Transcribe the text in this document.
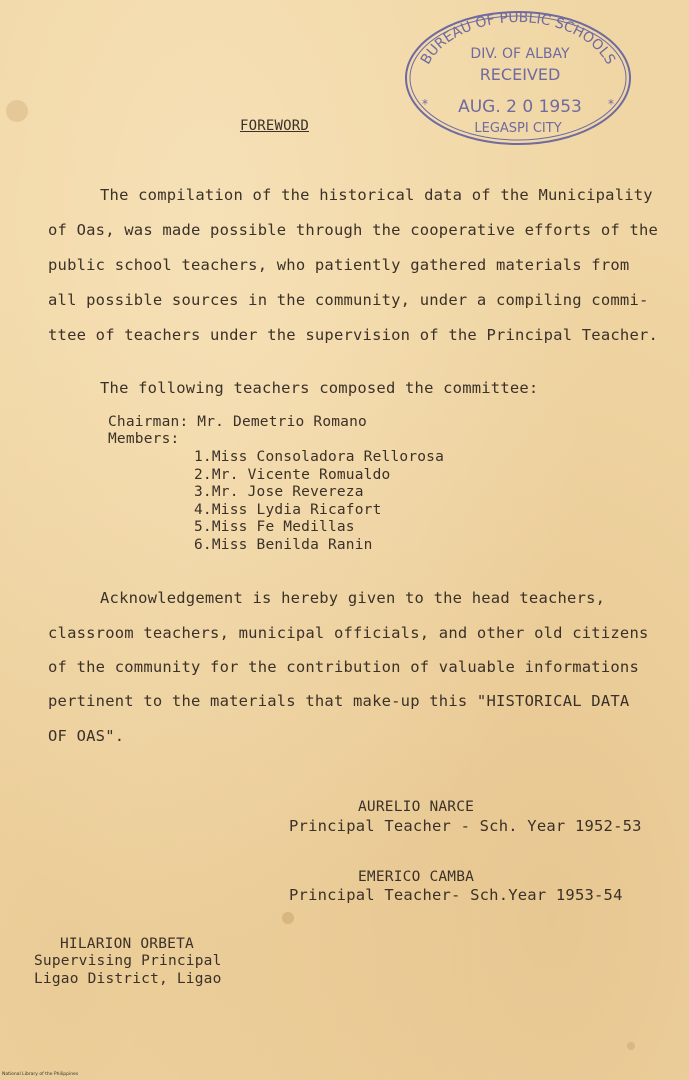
BUREAU OF PUBLIC SCHOOLS
DIV. OF ALBAY
RECEIVED
* AUG. 2 0 1953 *
LEGASPI CITY
FOREWORD
The compilation of the historical data of the Municipality
of Oas, was made possible through the cooperative efforts of the
public school teachers, who patiently gathered materials from
all possible sources in the community, under a compiling commi-
ttee of teachers under the supervision of the Principal Teacher.
The following teachers composed the committee:
Chairman: Mr. Demetrio Romano
Members:
1.Miss Consoladora Rellorosa
2.Mr. Vicente Romualdo
3.Mr. Jose Revereza
4.Miss Lydia Ricafort
5.Miss Fe Medillas
6.Miss Benilda Ranin
Acknowledgement is hereby given to the head teachers,
classroom teachers, municipal officials, and other old citizens
of the community for the contribution of valuable informations
pertinent to the materials that make-up this "HISTORICAL DATA
OF OAS".
AURELIO NARCE
Principal Teacher - Sch. Year 1952-53
EMERICO CAMBA
Principal Teacher- Sch.Year 1953-54
HILARION ORBETA
Supervising Principal
Ligao District, Ligao
National Library of the Philippines
